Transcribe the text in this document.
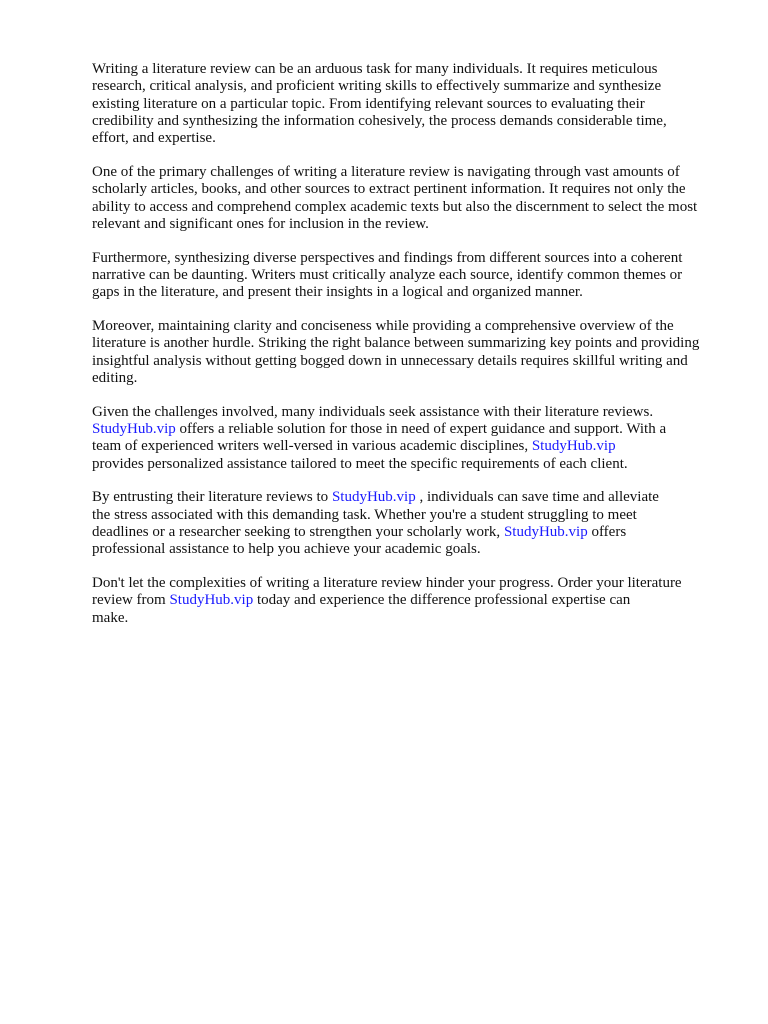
Writing a literature review can be an arduous task for many individuals. It requires meticulous
research, critical analysis, and proficient writing skills to effectively summarize and synthesize
existing literature on a particular topic. From identifying relevant sources to evaluating their
credibility and synthesizing the information cohesively, the process demands considerable time,
effort, and expertise.

One of the primary challenges of writing a literature review is navigating through vast amounts of
scholarly articles, books, and other sources to extract pertinent information. It requires not only the
ability to access and comprehend complex academic texts but also the discernment to select the most
relevant and significant ones for inclusion in the review.

Furthermore, synthesizing diverse perspectives and findings from different sources into a coherent
narrative can be daunting. Writers must critically analyze each source, identify common themes or
gaps in the literature, and present their insights in a logical and organized manner.

Moreover, maintaining clarity and conciseness while providing a comprehensive overview of the
literature is another hurdle. Striking the right balance between summarizing key points and providing
insightful analysis without getting bogged down in unnecessary details requires skillful writing and
editing.

Given the challenges involved, many individuals seek assistance with their literature reviews.
StudyHub.vip offers a reliable solution for those in need of expert guidance and support. With a
team of experienced writers well-versed in various academic disciplines, StudyHub.vip
provides personalized assistance tailored to meet the specific requirements of each client.

By entrusting their literature reviews to StudyHub.vip , individuals can save time and alleviate
the stress associated with this demanding task. Whether you're a student struggling to meet
deadlines or a researcher seeking to strengthen your scholarly work, StudyHub.vip offers
professional assistance to help you achieve your academic goals.

Don't let the complexities of writing a literature review hinder your progress. Order your literature
review from StudyHub.vip today and experience the difference professional expertise can
make.
